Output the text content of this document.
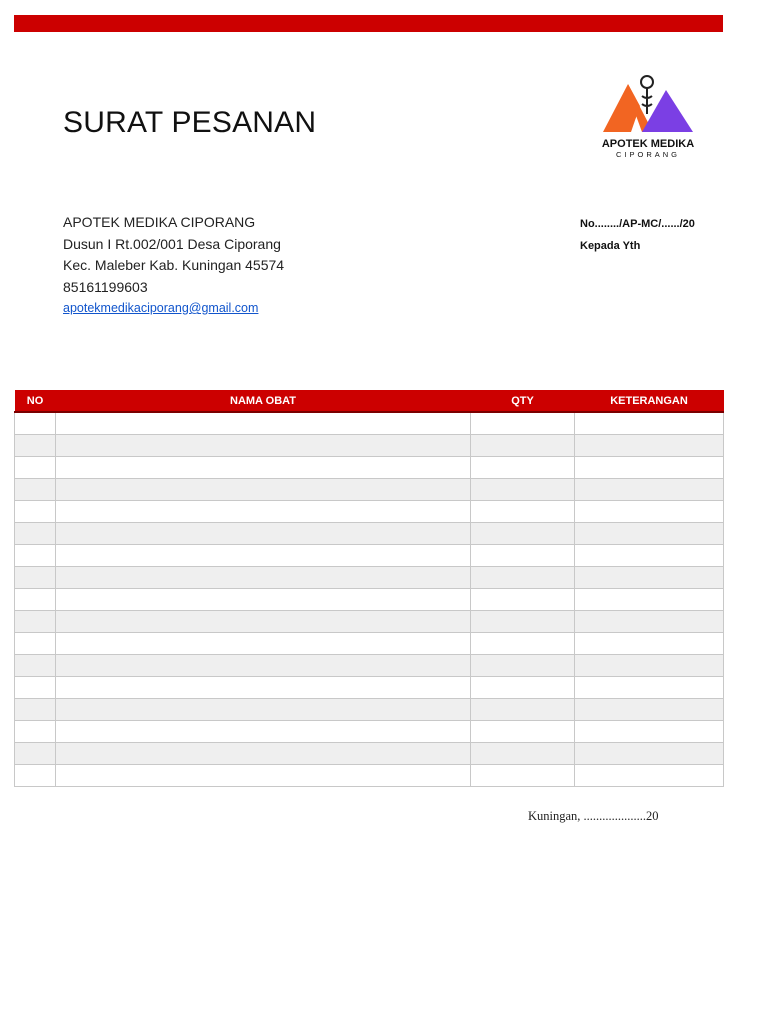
SURAT PESANAN
APOTEK MEDIKA
CIPORANG
APOTEK MEDIKA CIPORANG
Dusun I Rt.002/001 Desa Ciporang
Kec. Maleber Kab. Kuningan 45574
85161199603
apotekmedikaciporang@gmail.com
No......../AP-MC/....../20
Kepada Yth
NO	NAMA OBAT	QTY	KETERANGAN

Kuningan, ....................20
